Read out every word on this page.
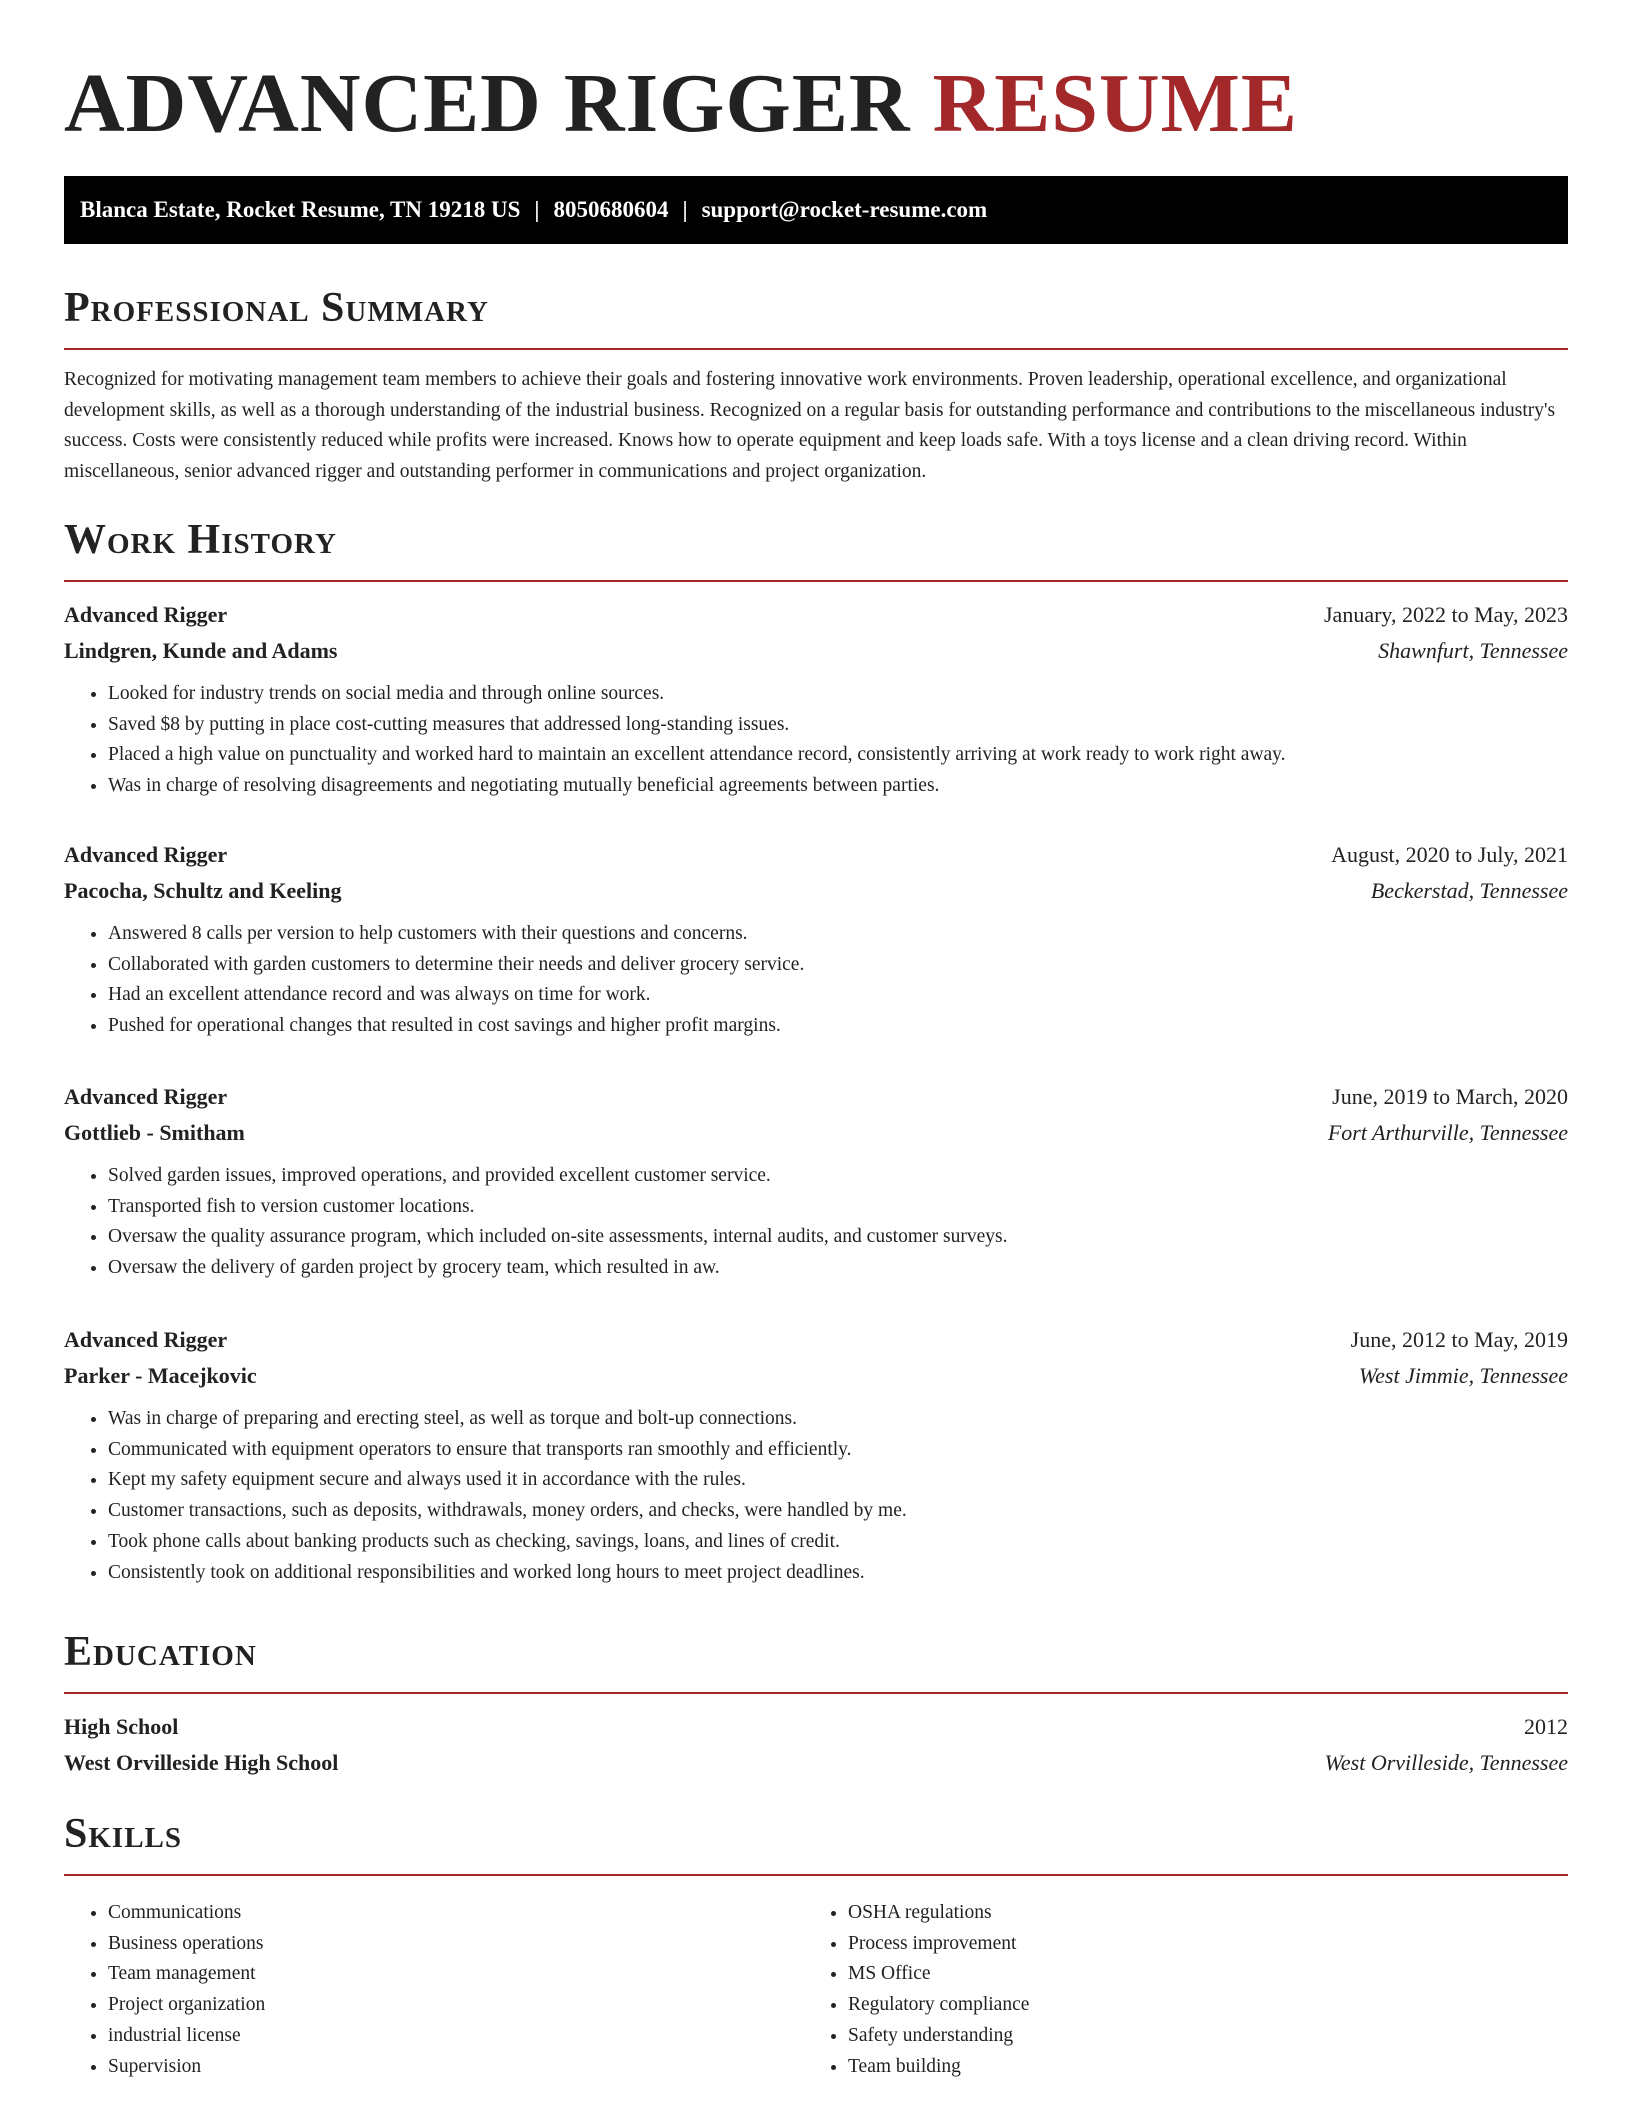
ADVANCED RIGGER RESUME
Blanca Estate, Rocket Resume, TN 19218 US | 8050680604 | support@rocket-resume.com
Professional Summary

Recognized for motivating management team members to achieve their goals and fostering innovative work environments. Proven leadership, operational excellence, and organizational development skills, as well as a thorough understanding of the industrial business. Recognized on a regular basis for outstanding performance and contributions to the miscellaneous industry's success. Costs were consistently reduced while profits were increased. Knows how to operate equipment and keep loads safe. With a toys license and a clean driving record. Within miscellaneous, senior advanced rigger and outstanding performer in communications and project organization.

Work History
Advanced Rigger	January, 2022 to May, 2023
Lindgren, Kunde and Adams	Shawnfurt, Tennessee
• Looked for industry trends on social media and through online sources.
• Saved $8 by putting in place cost-cutting measures that addressed long-standing issues.
• Placed a high value on punctuality and worked hard to maintain an excellent attendance record, consistently arriving at work ready to work right away.
• Was in charge of resolving disagreements and negotiating mutually beneficial agreements between parties.
Advanced Rigger	August, 2020 to July, 2021
Pacocha, Schultz and Keeling	Beckerstad, Tennessee
• Answered 8 calls per version to help customers with their questions and concerns.
• Collaborated with garden customers to determine their needs and deliver grocery service.
• Had an excellent attendance record and was always on time for work.
• Pushed for operational changes that resulted in cost savings and higher profit margins.
Advanced Rigger	June, 2019 to March, 2020
Gottlieb - Smitham	Fort Arthurville, Tennessee
• Solved garden issues, improved operations, and provided excellent customer service.
• Transported fish to version customer locations.
• Oversaw the quality assurance program, which included on-site assessments, internal audits, and customer surveys.
• Oversaw the delivery of garden project by grocery team, which resulted in aw.
Advanced Rigger	June, 2012 to May, 2019
Parker - Macejkovic	West Jimmie, Tennessee
• Was in charge of preparing and erecting steel, as well as torque and bolt-up connections.
• Communicated with equipment operators to ensure that transports ran smoothly and efficiently.
• Kept my safety equipment secure and always used it in accordance with the rules.
• Customer transactions, such as deposits, withdrawals, money orders, and checks, were handled by me.
• Took phone calls about banking products such as checking, savings, loans, and lines of credit.
• Consistently took on additional responsibilities and worked long hours to meet project deadlines.
Education
High School	2012
West Orvilleside High School	West Orvilleside, Tennessee
Skills
• Communications
• Business operations
• Team management
• Project organization
• industrial license
• Supervision
• OSHA regulations
• Process improvement
• MS Office
• Regulatory compliance
• Safety understanding
• Team building
